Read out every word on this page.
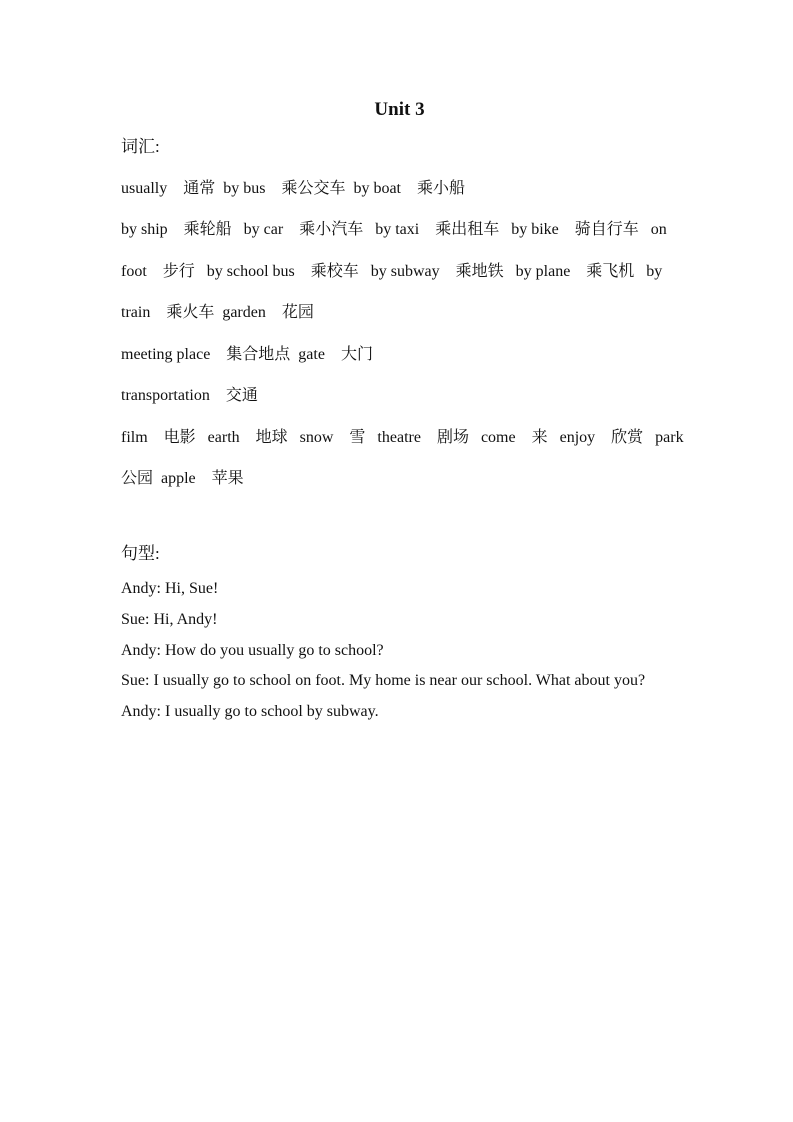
Unit 3
词汇:
usually    通常  by bus    乘公交车  by boat    乘小船
by ship    乘轮船   by car    乘小汽车   by taxi    乘出租车   by bike    骑自行车   on
foot    步行   by school bus    乘校车   by subway    乘地铁   by plane    乘飞机   by
train    乘火车  garden    花园
meeting place    集合地点  gate    大门
transportation    交通
film    电影   earth    地球   snow    雪   theatre    剧场   come    来   enjoy    欣赏   park
公园  apple    苹果
句型:
Andy: Hi, Sue!
Sue: Hi, Andy!
Andy: How do you usually go to school?
Sue: I usually go to school on foot. My home is near our school. What about you?
Andy: I usually go to school by subway.
